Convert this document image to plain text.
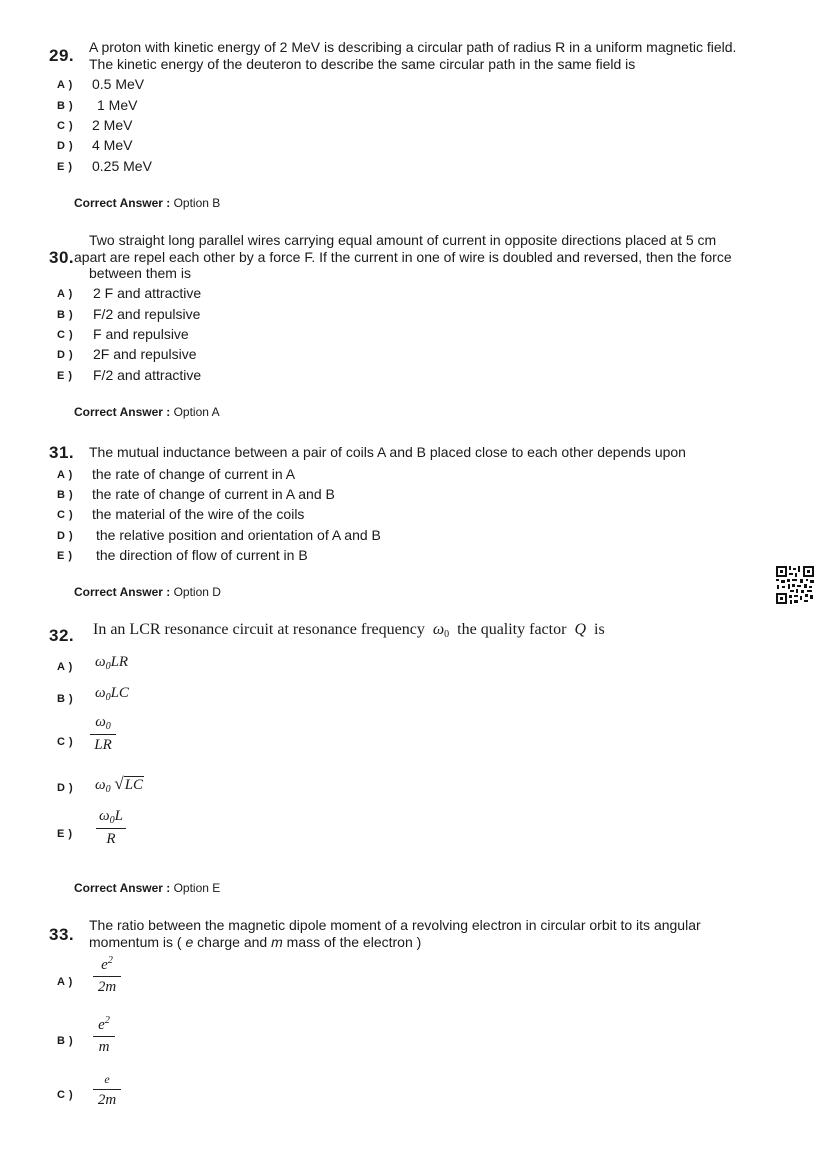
29. A proton with kinetic energy of 2 MeV is describing a circular path of radius R in a uniform magnetic field.
The kinetic energy of the deuteron to describe the same circular path in the same field is
A ) 0.5 MeV
B ) 1 MeV
C ) 2 MeV
D ) 4 MeV
E ) 0.25 MeV
Correct Answer : Option B
30.
Two straight long parallel wires carrying equal amount of current in opposite directions placed at 5 cm
apart are repel each other by a force F. If the current in one of wire is doubled and reversed, then the force
between them is
A ) 2 F and attractive
B ) F/2 and repulsive
C ) F and repulsive
D ) 2F and repulsive
E ) F/2 and attractive
Correct Answer : Option A
31. The mutual inductance between a pair of coils A and B placed close to each other depends upon
A ) the rate of change of current in A
B ) the rate of change of current in A and B
C ) the material of the wire of the coils
D ) the relative position and orientation of A and B
E ) the direction of flow of current in B
Correct Answer : Option D
32. In an LCR resonance circuit at resonance frequency $\omega_0$ the quality factor Q is
A ) $\omega_0LR$
B ) $\omega_0LC$
C )
$\omega_0$
LR
D ) $\omega_0$ √LC
E )
$\omega_0L$
R
Correct Answer : Option E
33. The ratio between the magnetic dipole moment of a revolving electron in circular orbit to its angular
momentum is ( e charge and m mass of the electron )
A )
$e^2$
2m
B )
$e^2$
m
C )
e
2m
